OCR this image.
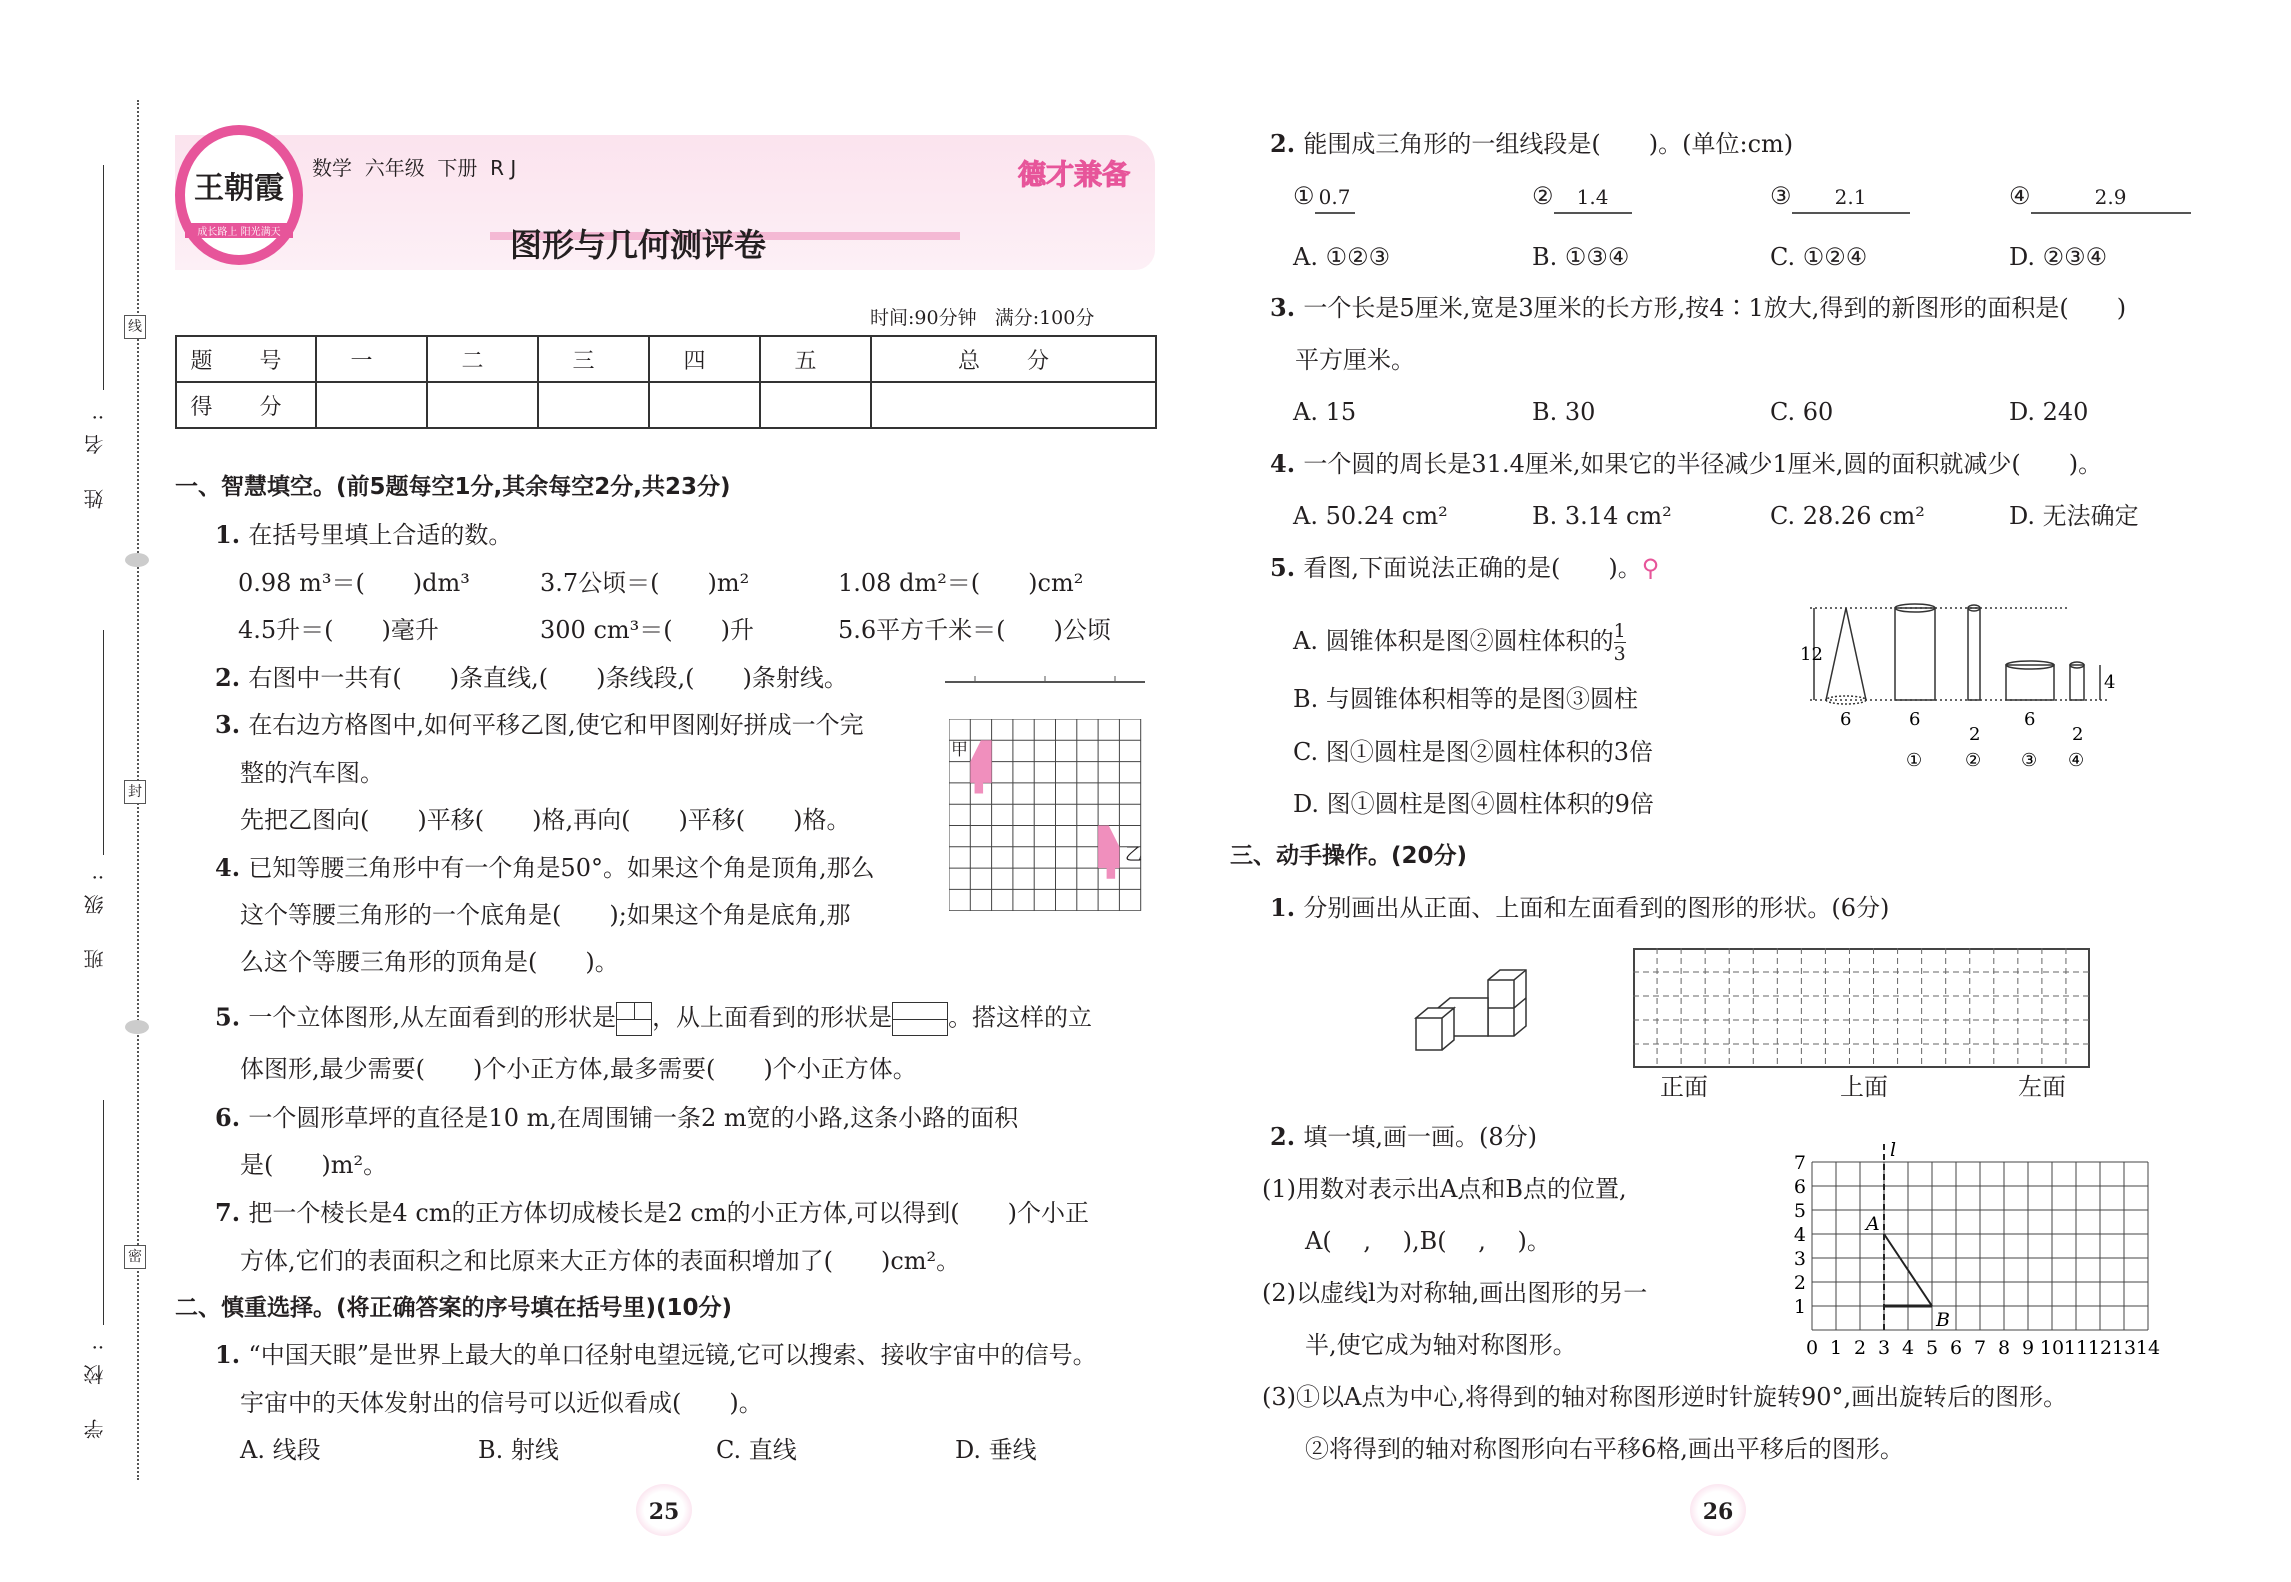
姓 名:
班 级:
学 校:
线
封
密
王朝霞
成长路上 阳光满天
数学  六年级  下册  R J	德才兼备
图形与几何测评卷
时间:90分钟   满分:100分
题 号	一	二	三	四	五	总 分
得 分						
一、智慧填空。(前5题每空1分,其余每空2分,共23分)
1. 在括号里填上合适的数。
0.98 m³＝(　　)dm³	3.7公顷＝(　　)m²	1.08 dm²＝(　　)cm²
4.5升＝(　　)毫升	300 cm³＝(　　)升	5.6平方千米＝(　　)公顷
2. 右图中一共有(　　)条直线,(　　)条线段,(　　)条射线。
3. 在右边方格图中,如何平移乙图,使它和甲图刚好拼成一个完
整的汽车图。
先把乙图向(　　)平移(　　)格,再向(　　)平移(　　)格。
甲
乙
4. 已知等腰三角形中有一个角是50°。如果这个角是顶角,那么
这个等腰三角形的一个底角是(　　);如果这个角是底角,那
么这个等腰三角形的顶角是(　　)。
5. 一个立体图形,从左面看到的形状是 ，从上面看到的形状是 。搭这样的立
体图形,最少需要(　　)个小正方体,最多需要(　　)个小正方体。
6. 一个圆形草坪的直径是10 m,在周围铺一条2 m宽的小路,这条小路的面积
是(　　)m²。
7. 把一个棱长是4 cm的正方体切成棱长是2 cm的小正方体,可以得到(　　)个小正
方体,它们的表面积之和比原来大正方体的表面积增加了(　　)cm²。
二、慎重选择。(将正确答案的序号填在括号里)(10分)
1. “中国天眼”是世界上最大的单口径射电望远镜,它可以搜索、接收宇宙中的信号。
宇宙中的天体发射出的信号可以近似看成(　　)。
A. 线段	B. 射线	C. 直线	D. 垂线
25
2. 能围成三角形的一组线段是(　　)。(单位:cm)
① 0.7	② 1.4	③ 2.1	④	2.9
A. ①②③	B. ①③④	C. ①②④	D. ②③④
3. 一个长是5厘米,宽是3厘米的长方形,按4∶1放大,得到的新图形的面积是(　　)
平方厘米。
A. 15	B. 30	C. 60	D. 240
4. 一个圆的周长是31.4厘米,如果它的半径减少1厘米,圆的面积就减少(　　)。
A. 50.24 cm²	B. 3.14 cm²	C. 28.26 cm²	D. 无法确定
5. 看图,下面说法正确的是(　　)。⚲
A. 圆锥体积是图②圆柱体积的 $\frac{1}{3}$
B. 与圆锥体积相等的是图③圆柱
C. 图①圆柱是图②圆柱体积的3倍
D. 图①圆柱是图④圆柱体积的9倍
12
4
6	6
2
6
2
① ② ③ ④
三、动手操作。(20分)
1. 分别画出从正面、上面和左面看到的图形的形状。(6分)
正面	上面	左面
2. 填一填,画一画。(8分)
(1)用数对表示出A点和B点的位置,
A(　 ,　 ),B(　 ,　 )。
(2)以虚线l为对称轴,画出图形的另一
半,使它成为轴对称图形。
(3)①以A点为中心,将得到的轴对称图形逆时针旋转90°,画出旋转后的图形。
②将得到的轴对称图形向右平移6格,画出平移后的图形。
0 1 2 3 4 5 6 7 8 9 10 11 12 13 14
1
2
3
4
5
6
7
l
A
B
26
